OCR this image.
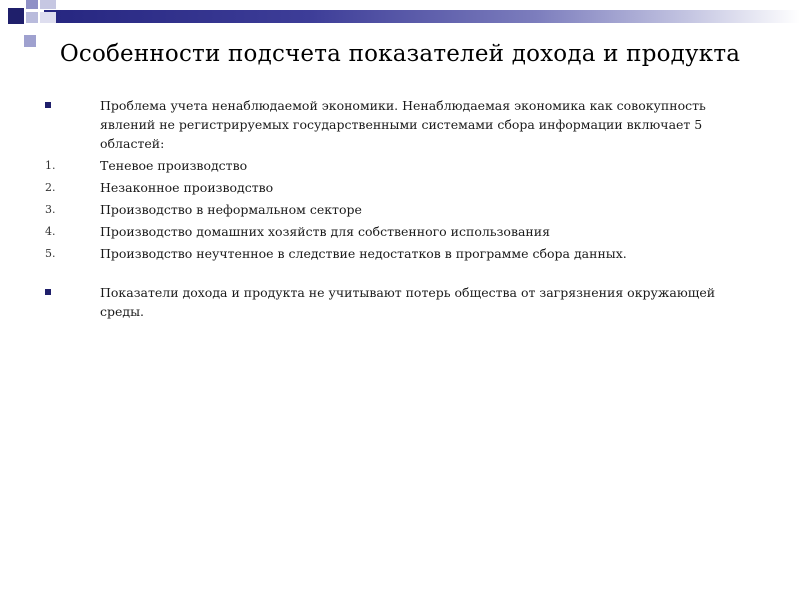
Особенности подсчета показателей дохода и продукта
Проблема учета ненаблюдаемой экономики. Ненаблюдаемая экономика как совокупность явлений не регистрируемых государственными системами сбора информации включает 5 областей:
1.	Теневое производство
2.	Незаконное производство
3.	Производство в неформальном секторе
4.	Производство домашних хозяйств для собственного использования
5.	Производство неучтенное в следствие недостатков в программе сбора данных.
Показатели дохода и продукта не учитывают потерь общества от загрязнения окружающей среды.
